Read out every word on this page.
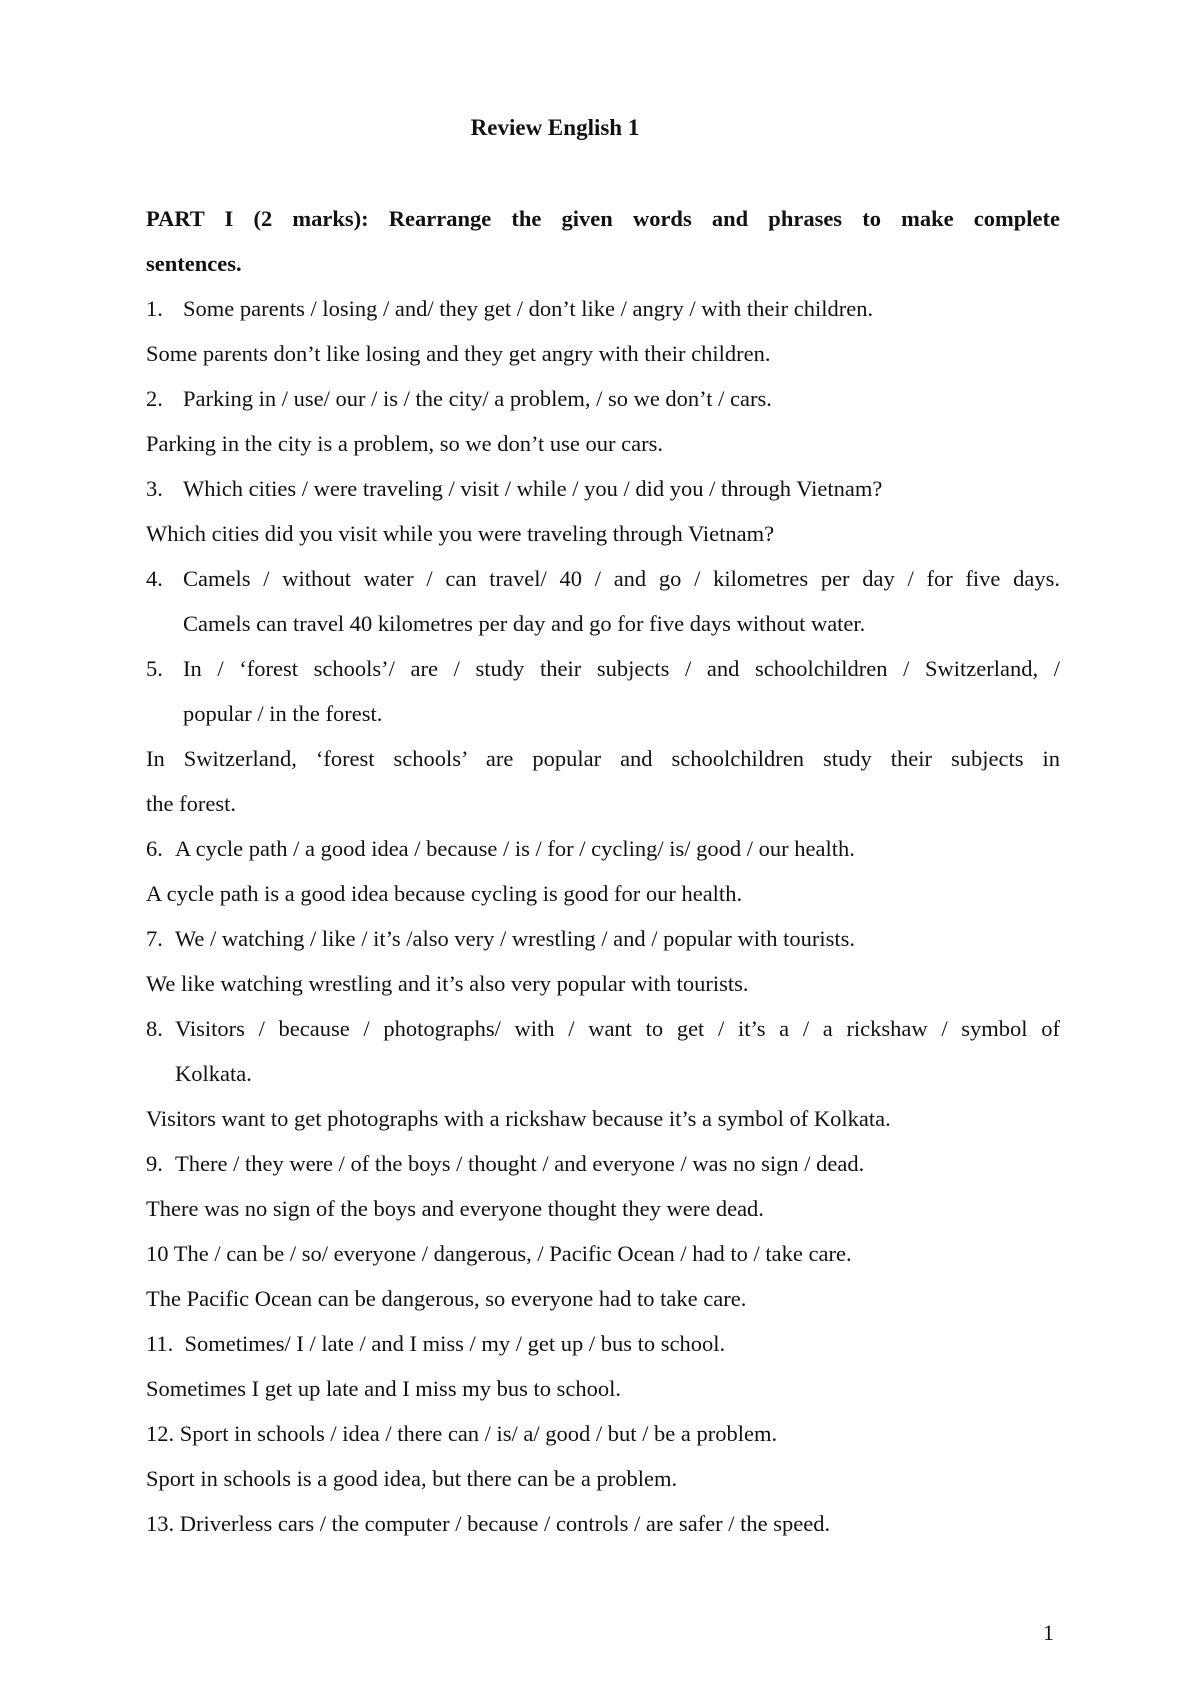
Review English 1
PART I (2 marks): Rearrange the given words and phrases to make complete
sentences.
1. Some parents / losing / and/ they get / don’t like / angry / with their children.
Some parents don’t like losing and they get angry with their children.
2. Parking in / use/ our / is / the city/ a problem, / so we don’t / cars.
Parking in the city is a problem, so we don’t use our cars.
3. Which cities / were traveling / visit / while / you / did you / through Vietnam?
Which cities did you visit while you were traveling through Vietnam?
4. Camels / without water / can travel/ 40 / and go / kilometres per day / for five days.
Camels can travel 40 kilometres per day and go for five days without water.
5. In / ‘forest schools’/ are / study their subjects / and schoolchildren / Switzerland, /
popular / in the forest.
In Switzerland, ‘forest schools’ are popular and schoolchildren study their subjects in
the forest.
6. A cycle path / a good idea / because / is / for / cycling/ is/ good / our health.
A cycle path is a good idea because cycling is good for our health.
7. We / watching / like / it’s /also very / wrestling / and / popular with tourists.
We like watching wrestling and it’s also very popular with tourists.
8. Visitors / because / photographs/ with / want to get / it’s a / a rickshaw / symbol of
Kolkata.
Visitors want to get photographs with a rickshaw because it’s a symbol of Kolkata.
9. There / they were / of the boys / thought / and everyone / was no sign / dead.
There was no sign of the boys and everyone thought they were dead.
10 The / can be / so/ everyone / dangerous, / Pacific Ocean / had to / take care.
The Pacific Ocean can be dangerous, so everyone had to take care.
11. Sometimes/ I / late / and I miss / my / get up / bus to school.
Sometimes I get up late and I miss my bus to school.
12. Sport in schools / idea / there can / is/ a/ good / but / be a problem.
Sport in schools is a good idea, but there can be a problem.
13. Driverless cars / the computer / because / controls / are safer / the speed.
1
